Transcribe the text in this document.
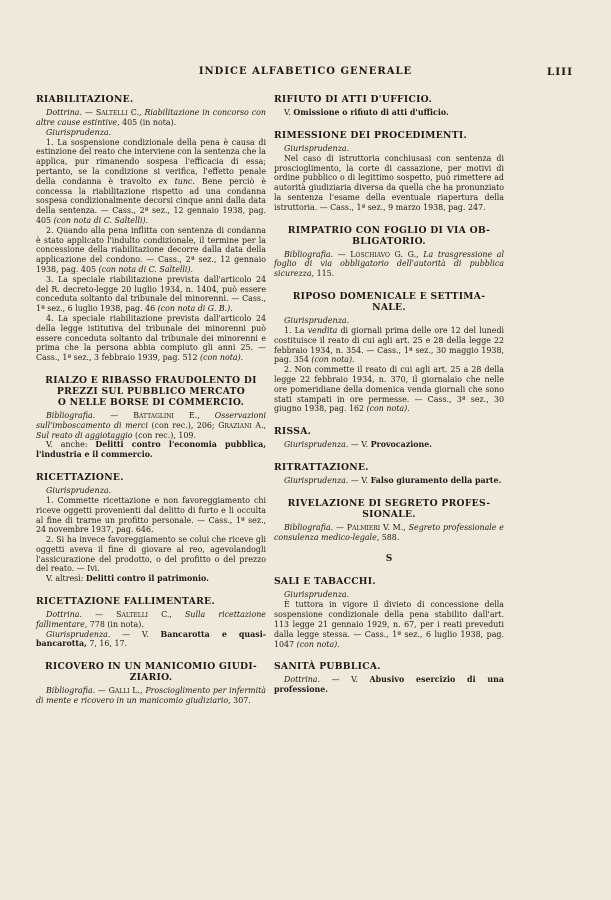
INDICE ALFABETICO GENERALE	LIII
RIABILITAZIONE.

Dottrina. — Saltelli C., Riabilitazione in concorso con altre cause estintive, 405 (in nota).

Giurisprudenza.

1. La sospensione condizionale della pena è causa di estinzione del reato che interviene con la sentenza che la applica, pur rimanendo sospesa l'efficacia di essa; pertanto, se la condizione si verifica, l'effetto penale della condanna è travolto ex tunc. Bene perciò è concessa la riabilitazione rispetto ad una condanna sospesa condizionalmente decorsi cinque anni dalla data della sentenza. — Cass., 2ª sez., 12 gennaio 1938, pag. 405 (con nota di C. Saltelli).

2. Quando alla pena inflitta con sentenza di condanna è stato applicato l'indulto condizionale, il termine per la concessione della riabilitazione decorre dalla data della applicazione del condono. — Cass., 2ª sez., 12 gennaio 1938, pag. 405 (con nota di C. Saltelli).

3. La speciale riabilitazione prevista dall'articolo 24 del R. decreto-legge 20 luglio 1934, n. 1404, può essere conceduta soltanto dal tribunale del minorenni. — Cass., 1ª sez., 6 luglio 1938, pag. 46 (con nota di G. B.).

4. La speciale riabilitazione prevista dall'articolo 24 della legge istitutiva del tribunale dei minorenni può essere conceduta soltanto dal tribunale dei minorenni e prima che la persona abbia compiuto gli anni 25. — Cass., 1ª sez., 3 febbraio 1939, pag. 512 (con nota).

RIALZO E RIBASSO FRAUDOLENTO DI
PREZZI SUL PUBBLICO MERCATO
O NELLE BORSE DI COMMERCIO.

Bibliografia. — Battaglini E., Osservazioni sull'imboscamento di merci (con rec.), 206; Graziani A., Sul reato di aggiotaggio (con rec.), 109.

V. anche: Delitti contro l'economia pubblica, l'industria e il commercio.

RICETTAZIONE.

Giurisprudenza.

1. Commette ricettazione e non favoreggiamento chi riceve oggetti provenienti dal delitto di furto e li occulta al fine di trarne un profitto personale. — Cass., 1ª sez., 24 novembre 1937, pag. 646.

2. Si ha invece favoreggiamento se colui che riceve gli oggetti aveva il fine di giovare al reo, agevolandogli l'assicurazione del prodotto, o del profitto o del prezzo del reato. — Ivi.

V. altresì: Delitti contro il patrimonio.

RICETTAZIONE FALLIMENTARE.

Dottrina. — Saltelli C., Sulla ricettazione fallimentare, 778 (in nota).

Giurisprudenza. — V. Bancarotta e quasi-bancarotta, 7, 16, 17.

RICOVERO IN UN MANICOMIO GIUDI-
ZIARIO.

Bibliografia. — Galli L., Proscioglimento per infermità di mente e ricovero in un manicomio giudiziario, 307.

RIFIUTO DI ATTI D'UFFICIO.

V. Omissione o rifiuto di atti d'ufficio.

RIMESSIONE DEI PROCEDIMENTI.

Giurisprudenza.

Nel caso di istruttoria conchiusasi con sentenza di proscioglimento, la corte di cassazione, per motivi di ordine pubblico o di legittimo sospetto, può rimettere ad autorità giudiziaria diversa da quella che ha pronunziato la sentenza l'esame della eventuale riapertura della istruttoria. — Cass., 1ª sez., 9 marzo 1938, pag. 247.

RIMPATRIO CON FOGLIO DI VIA OB-
BLIGATORIO.

Bibliografia. — Loschiavo G. G., La trasgressione al foglio di via obbligatorio dell'autorità di pubblica sicurezza, 115.

RIPOSO DOMENICALE E SETTIMA-
NALE.

Giurisprudenza.

1. La vendita di giornali prima delle ore 12 del lunedì costituisce il reato di cui agli art. 25 e 28 della legge 22 febbraio 1934, n. 354. — Cass., 1ª sez., 30 maggio 1938, pag. 354 (con nota).

2. Non commette il reato di cui agli art. 25 a 28 della legge 22 febbraio 1934, n. 370, il giornalaio che nelle ore pomeridiane della domenica venda giornali che sono stati stampati in ore permesse. — Cass., 3ª sez., 30 giugno 1938, pag. 162 (con nota).

RISSA.

Giurisprudenza. — V. Provocazione.

RITRATTAZIONE.

Giurisprudenza. — V. Falso giuramento della parte.

RIVELAZIONE DI SEGRETO PROFES-
SIONALE.

Bibliografia. — Palmieri V. M., Segreto professionale e consulenza medico-legale, 588.

S
SALI E TABACCHI.

Giurisprudenza.

È tuttora in vigore il divieto di concessione della sospensione condizionale della pena stabilito dall'art. 113 legge 21 gennaio 1929, n. 67, per i reati preveduti dalla legge stessa. — Cass., 1ª sez., 6 luglio 1938, pag. 1047 (con nota).

SANITÀ PUBBLICA.

Dottrina. — V. Abusivo esercizio di una professione.
